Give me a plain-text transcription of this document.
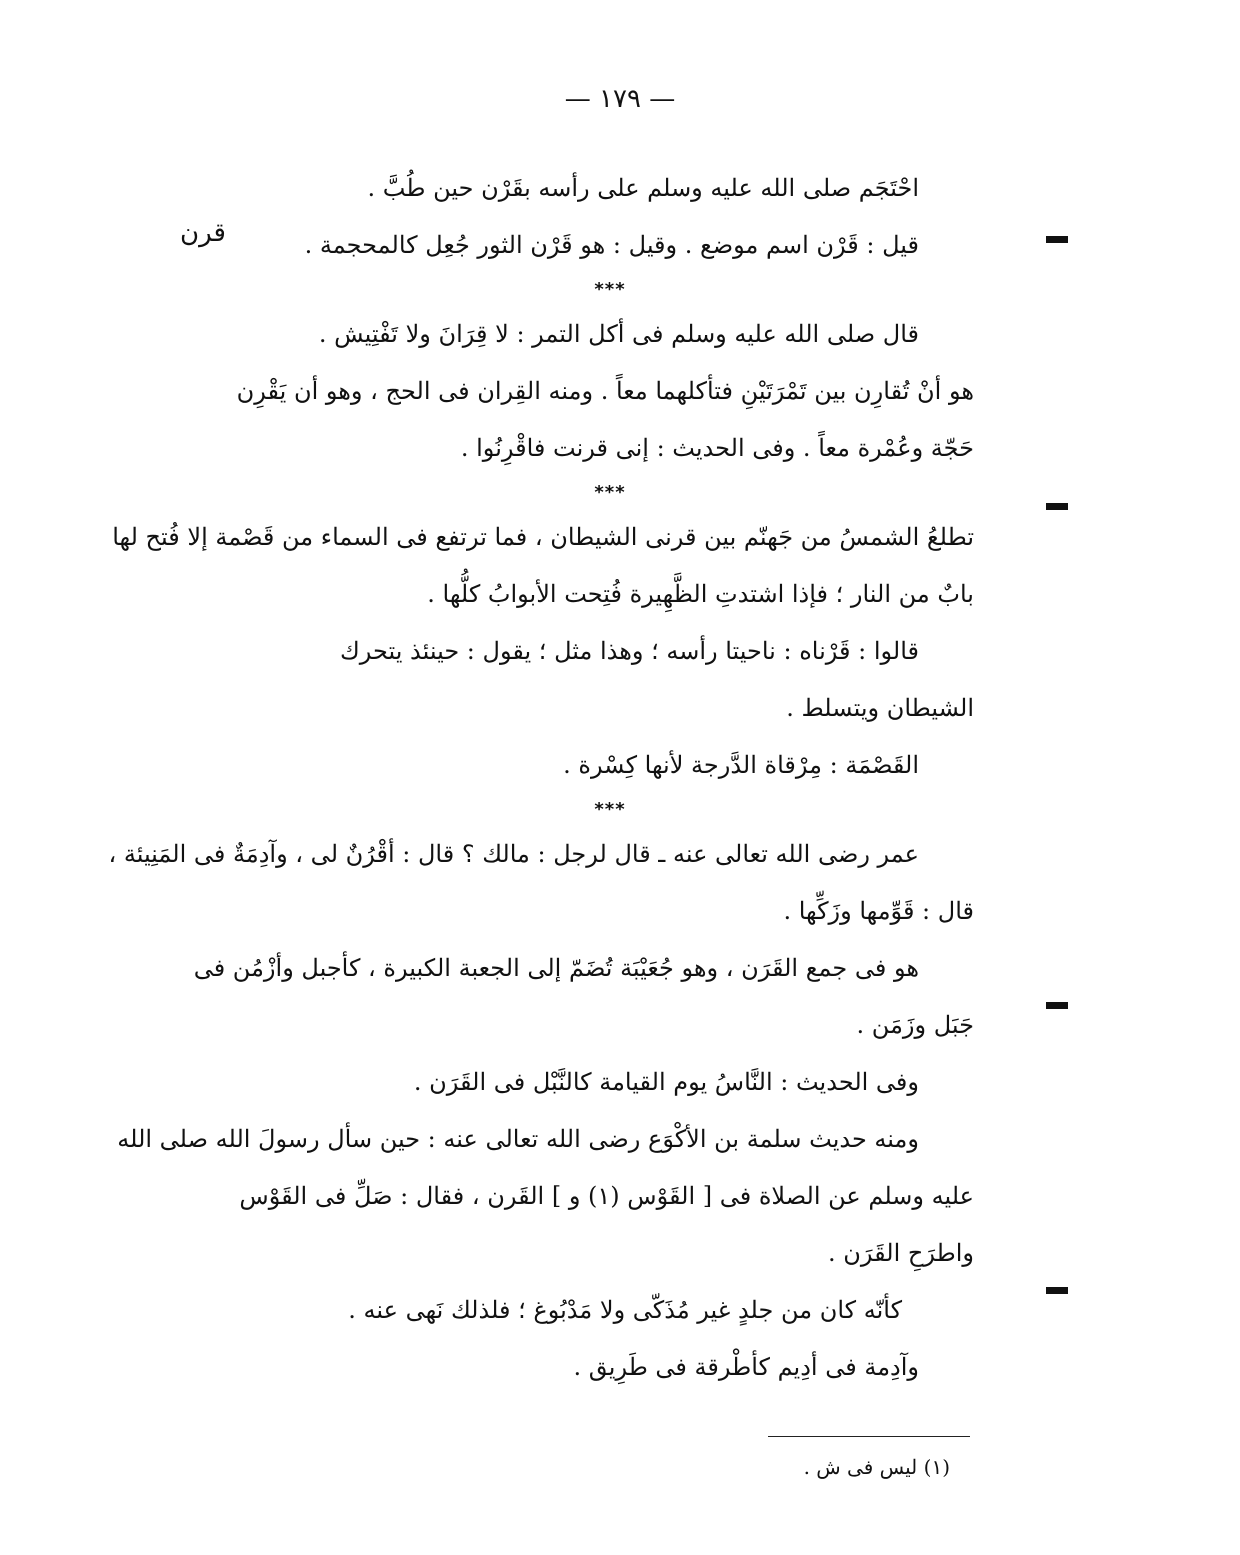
— ١٧٩ —
قرن
احْتَجَم صلى الله عليه وسلم على رأسه بقَرْن حين طُبَّ .
قيل : قَرْن اسم موضع . وقيل : هو قَرْن الثور جُعِل كالمحجمة .
***
قال صلى الله عليه وسلم فى أكل التمر : لا قِرَانَ ولا تَفْتِيش .
هو أنْ تُقارِن بين تَمْرَتَيْنِ فتأكلهما معاً . ومنه القِران فى الحج ، وهو أن يَقْرِن
حَجّة وعُمْرة معاً . وفى الحديث : إنى قرنت فاقْرِنُوا .
***
تطلعُ الشمسُ من جَهنّم بين قرنى الشيطان ، فما ترتفع فى السماء من قَصْمة إلا فُتح لها
بابٌ من النار ؛ فإذا اشتدتِ الظَّهِيرة فُتِحت الأبوابُ كلُّها .
قالوا : قَرْناه : ناحيتا رأسه ؛ وهذا مثل ؛ يقول : حينئذ يتحرك
الشيطان ويتسلط .
القَصْمَة : مِرْقاة الدَّرجة لأنها كِسْرة .
***
عمر رضى الله تعالى عنه ـ قال لرجل : مالك ؟ قال : أقْرُنٌ لى ، وآدِمَةٌ فى المَنِيئة ،
قال : قَوِّمها وزَكِّها .
هو فى جمع القَرَن ، وهو جُعَيْبَة تُضَمّ إلى الجعبة الكبيرة ، كأجبل وأزْمُن فى
جَبَل وزَمَن .
وفى الحديث : النَّاسُ يوم القيامة كالنَّبْل فى القَرَن .
ومنه حديث سلمة بن الأكْوَع رضى الله تعالى عنه : حين سأل رسولَ الله صلى الله
عليه وسلم عن الصلاة فى [ القَوْس (١) و ] القَرن ، فقال : صَلِّ فى القَوْس
واطرَحِ القَرَن .
كأنّه كان من جلدٍ غير مُذَكّى ولا مَدْبُوغ ؛ فلذلك نَهى عنه .
وآدِمة فى أدِيم كأطْرقة فى طَرِيق .
(١) ليس فى ش .
